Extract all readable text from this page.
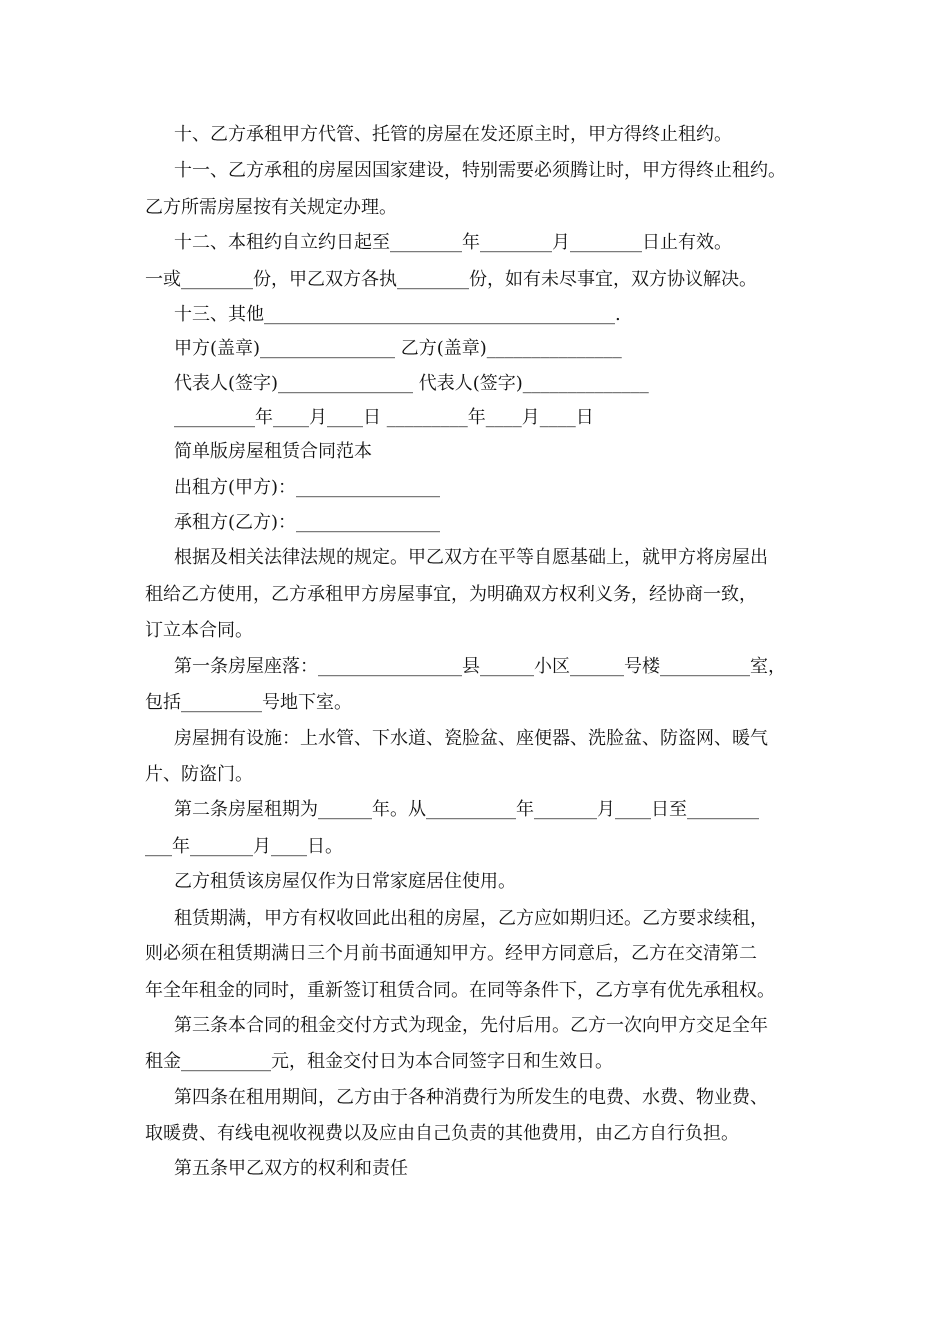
十、乙方承租甲方代管、托管的房屋在发还原主时，甲方得终止租约。
十一、乙方承租的房屋因国家建设，特别需要必须腾让时，甲方得终止租约。
乙方所需房屋按有关规定办理。
十二、本租约自立约日起至________年________月________日止有效。
一或________份，甲乙双方各执________份，如有未尽事宜，双方协议解决。
十三、其他_______________________________________.
甲方(盖章)_______________ 乙方(盖章)_______________
代表人(签字)_______________ 代表人(签字)______________
_________年____月____日 _________年____月____日
简单版房屋租赁合同范本
出租方(甲方)：________________
承租方(乙方)：________________
根据及相关法律法规的规定。甲乙双方在平等自愿基础上，就甲方将房屋出
租给乙方使用，乙方承租甲方房屋事宜，为明确双方权利义务，经协商一致，
订立本合同。
第一条房屋座落：________________县______小区______号楼__________室，
包括_________号地下室。
房屋拥有设施：上水管、下水道、瓷脸盆、座便器、洗脸盆、防盗网、暖气
片、防盗门。
第二条房屋租期为______年。从__________年_______月____日至________
___年_______月____日。
乙方租赁该房屋仅作为日常家庭居住使用。
租赁期满，甲方有权收回此出租的房屋，乙方应如期归还。乙方要求续租，
则必须在租赁期满日三个月前书面通知甲方。经甲方同意后，乙方在交清第二
年全年租金的同时，重新签订租赁合同。在同等条件下，乙方享有优先承租权。
第三条本合同的租金交付方式为现金，先付后用。乙方一次向甲方交足全年
租金__________元，租金交付日为本合同签字日和生效日。
第四条在租用期间，乙方由于各种消费行为所发生的电费、水费、物业费、
取暖费、有线电视收视费以及应由自己负责的其他费用，由乙方自行负担。
第五条甲乙双方的权利和责任
